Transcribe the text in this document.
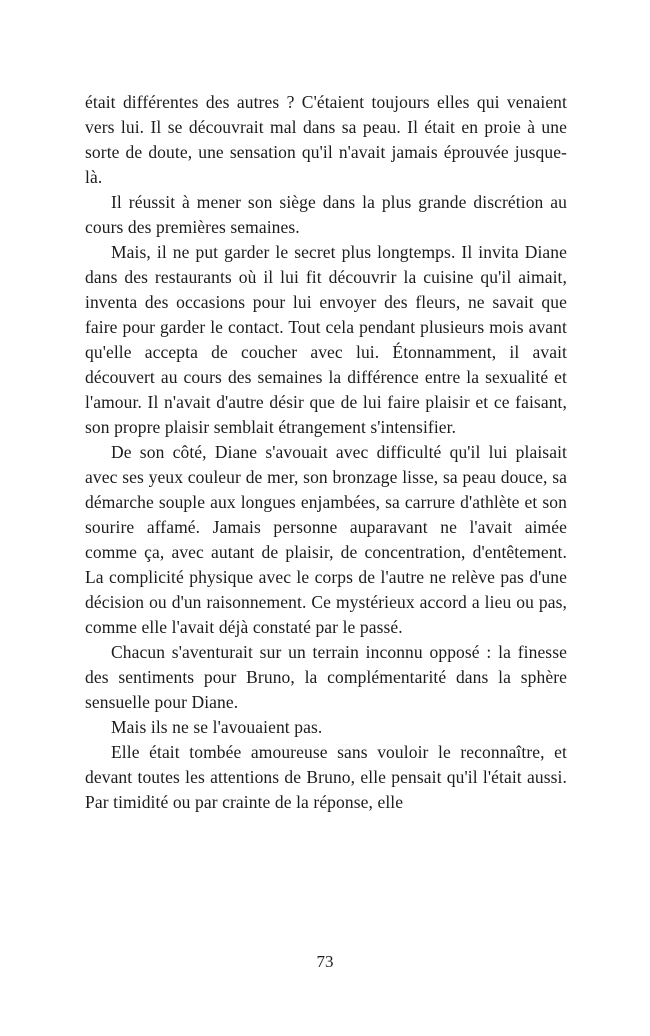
était différentes des autres ? C'étaient toujours elles qui venaient vers lui. Il se découvrait mal dans sa peau. Il était en proie à une sorte de doute, une sensation qu'il n'avait jamais éprouvée jusque-là.

Il réussit à mener son siège dans la plus grande discrétion au cours des premières semaines.

Mais, il ne put garder le secret plus longtemps. Il invita Diane dans des restaurants où il lui fit découvrir la cuisine qu'il aimait, inventa des occasions pour lui envoyer des fleurs, ne savait que faire pour garder le contact. Tout cela pendant plusieurs mois avant qu'elle accepta de coucher avec lui. Étonnamment, il avait découvert au cours des semaines la différence entre la sexualité et l'amour. Il n'avait d'autre désir que de lui faire plaisir et ce faisant, son propre plaisir semblait étrangement s'intensifier.

De son côté, Diane s'avouait avec difficulté qu'il lui plaisait avec ses yeux couleur de mer, son bronzage lisse, sa peau douce, sa démarche souple aux longues enjambées, sa carrure d'athlète et son sourire affamé. Jamais personne auparavant ne l'avait aimée comme ça, avec autant de plaisir, de concentration, d'entêtement. La complicité physique avec le corps de l'autre ne relève pas d'une décision ou d'un raisonnement. Ce mystérieux accord a lieu ou pas, comme elle l'avait déjà constaté par le passé.

Chacun s'aventurait sur un terrain inconnu opposé : la finesse des sentiments pour Bruno, la complémentarité dans la sphère sensuelle pour Diane.

Mais ils ne se l'avouaient pas.

Elle était tombée amoureuse sans vouloir le reconnaître, et devant toutes les attentions de Bruno, elle pensait qu'il l'était aussi. Par timidité ou par crainte de la réponse, elle

73
